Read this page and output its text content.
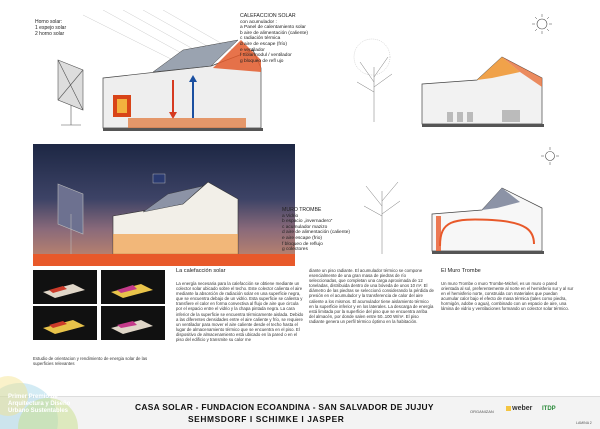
Horno solar:
1 espejo solar
2 horno solar
CALEFACCION SOLAR
con acumulador :
a Panel de calentamiento solar
b aire de alimentación (caliente)
c radiación térmica
d aire de escape (frío)
e ventilador
f Solarmodul / ventilador
g bloqueo de refl ujo
MURO TROMBE
a Vidrio
b espacio „invernadero“
c acumulador mazizo
d aire de alimentación (caliente)
e aire escape (frio)
f bloqueo de reflujo
g colectores
Estudio de orientacion y rendimiento de energia solar de las superficies relevantes
La calefacción solar
La energía necesaria para la calefacción se obtiene mediante un colector solar ubicado sobre el techo. Este colector calienta el aire mediante la absorción de radiación solar en una superficie negra, que se encuentra debajo de un vidrio. Esta superficie se calienta y transfiere el calor en forma convectiva al flujo de aire que circula por el espacio entre el vidrio y la chapa pintada negra. La cara inferior de la superficie se encuentra térmicamente aislada. Debido a las diferentes densidades entre el aire caliente y frío, se requiere un ventilador para mover el aire caliente desde el techo hasta el lugar de almacenamiento térmico que se encuentra en el piso. El dispositivo de almacenamiento está ubicado en la pared o en el piso del edificio y transmite su calor me
diante un piso radiante. El acumulador térmico se compone esencialmente de una gran masa de piedras de río seleccionadas, que completan una carga aproximada de 12 toneladas, distribuida dentro de una bóveda de unos 10 m². El diámetro de las piedras se seleccionó considerando la pérdida de presión en el acumulador y la transferencia de calor del aire caliente a los mismos. El acumulador tiene aislamiento térmico en la superficie inferior y en los laterales. La descarga de energía está limitada por la superficie del piso que se encuentra arriba del almacén, por donde salen entre 50..100 W/m². El piso radiante genera un perfil térmico óptimo en la habitación.
El Muro Trombe
Un muro Trombe o muro Trombe-Michel, es un muro o pared orientada al sol, preferentemente al norte en el hemisferio sur y al sur en el hemisferio norte, construida con materiales que puedan acumular calor bajo el efecto de masa térmica (tales como piedra, hormigón, adobe o agua), combinado con un espacio de aire, una lámina de vidrio y ventilaciones formando un colector solar térmico.
Primer Premio de
Arquitectura y Diseño
Urbano Sustentables	CASA SOLAR - FUNDACION ECOANDINA - SAN SALVADOR DE JUJUY
SEHMSDORF I SCHIMKE I JASPER
ORGANIZAN	weber ITDP
LAMINA 2
